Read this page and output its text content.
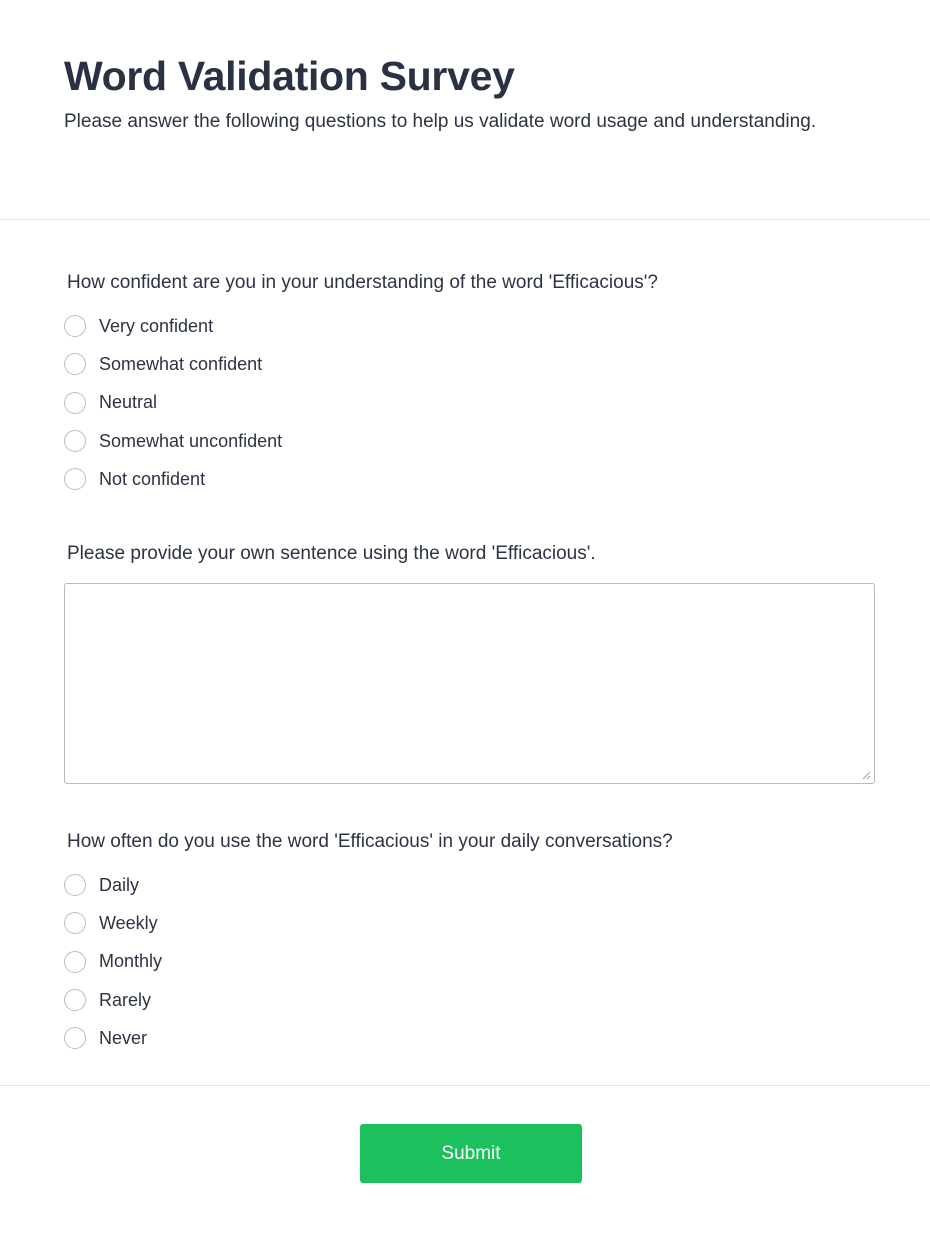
Word Validation Survey

Please answer the following questions to help us validate word usage and understanding.

How confident are you in your understanding of the word 'Efficacious'?

Very confident
Somewhat confident
Neutral
Somewhat unconfident
Not confident

Please provide your own sentence using the word 'Efficacious'.

How often do you use the word 'Efficacious' in your daily conversations?

Daily
Weekly
Monthly
Rarely
Never
Submit
